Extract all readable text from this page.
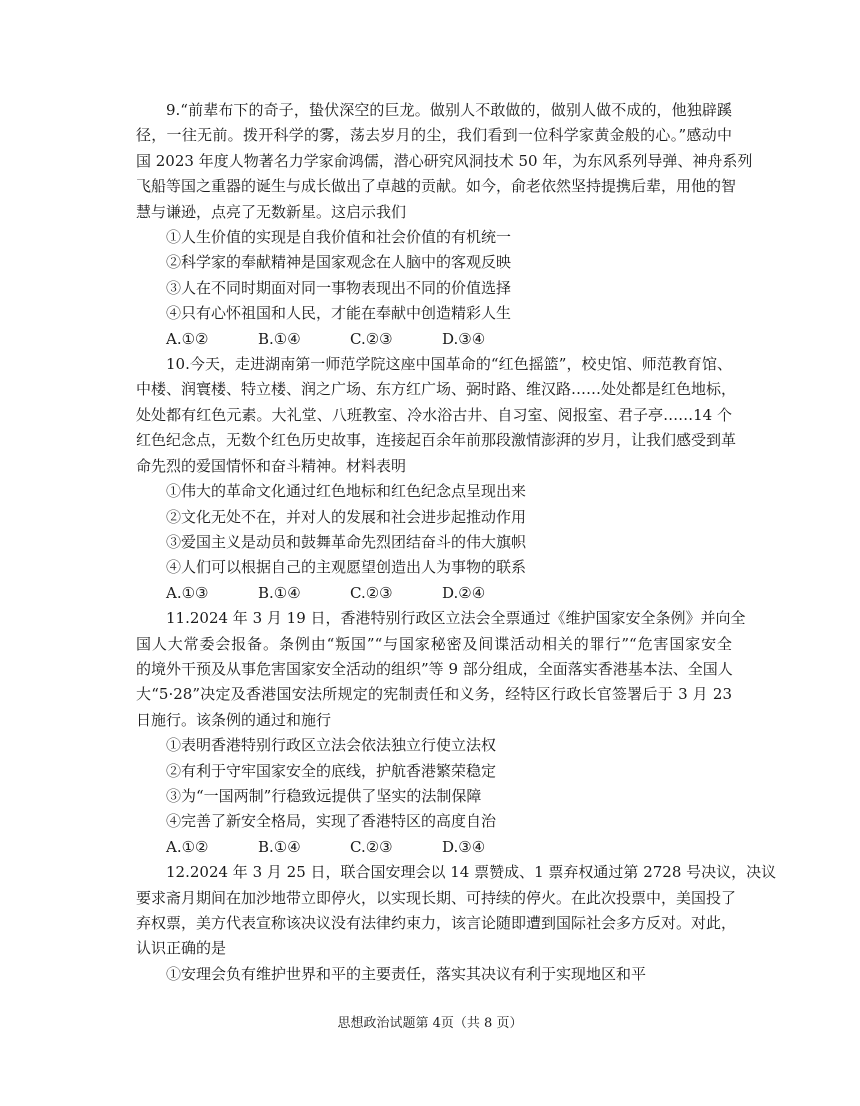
9.“前辈布下的奇子，蛰伏深空的巨龙。做别人不敢做的，做别人做不成的，他独辟蹊
径，一往无前。拨开科学的雾，荡去岁月的尘，我们看到一位科学家黄金般的心。”感动中
国 2023 年度人物著名力学家俞鸿儒，潜心研究风洞技术 50 年，为东风系列导弹、神舟系列
飞船等国之重器的诞生与成长做出了卓越的贡献。如今，俞老依然坚持提携后辈，用他的智
慧与谦逊，点亮了无数新星。这启示我们
①人生价值的实现是自我价值和社会价值的有机统一
②科学家的奉献精神是国家观念在人脑中的客观反映
③人在不同时期面对同一事物表现出不同的价值选择
④只有心怀祖国和人民，才能在奉献中创造精彩人生
A.①②	B.①④	C.②③	D.③④
10.今天，走进湖南第一师范学院这座中国革命的“红色摇篮”，校史馆、师范教育馆、
中楼、润寰楼、特立楼、润之广场、东方红广场、弼时路、维汉路……处处都是红色地标，
处处都有红色元素。大礼堂、八班教室、冷水浴古井、自习室、阅报室、君子亭……14 个
红色纪念点，无数个红色历史故事，连接起百余年前那段激情澎湃的岁月，让我们感受到革
命先烈的爱国情怀和奋斗精神。材料表明
①伟大的革命文化通过红色地标和红色纪念点呈现出来
②文化无处不在，并对人的发展和社会进步起推动作用
③爱国主义是动员和鼓舞革命先烈团结奋斗的伟大旗帜
④人们可以根据自己的主观愿望创造出人为事物的联系
A.①③	B.①④	C.②③	D.②④
11.2024 年 3 月 19 日，香港特别行政区立法会全票通过《维护国家安全条例》并向全
国人大常委会报备。条例由“叛国”“与国家秘密及间谍活动相关的罪行”“危害国家安全
的境外干预及从事危害国家安全活动的组织”等 9 部分组成，全面落实香港基本法、全国人
大“5·28”决定及香港国安法所规定的宪制责任和义务，经特区行政长官签署后于 3 月 23
日施行。该条例的通过和施行
①表明香港特别行政区立法会依法独立行使立法权
②有利于守牢国家安全的底线，护航香港繁荣稳定
③为“一国两制”行稳致远提供了坚实的法制保障
④完善了新安全格局，实现了香港特区的高度自治
A.①②	B.①④	C.②③	D.③④
12.2024 年 3 月 25 日，联合国安理会以 14 票赞成、1 票弃权通过第 2728 号决议，决议
要求斋月期间在加沙地带立即停火，以实现长期、可持续的停火。在此次投票中，美国投了
弃权票，美方代表宣称该决议没有法律约束力，该言论随即遭到国际社会多方反对。对此，
认识正确的是
①安理会负有维护世界和平的主要责任，落实其决议有利于实现地区和平
思想政治试题第 4页（共 8 页）
